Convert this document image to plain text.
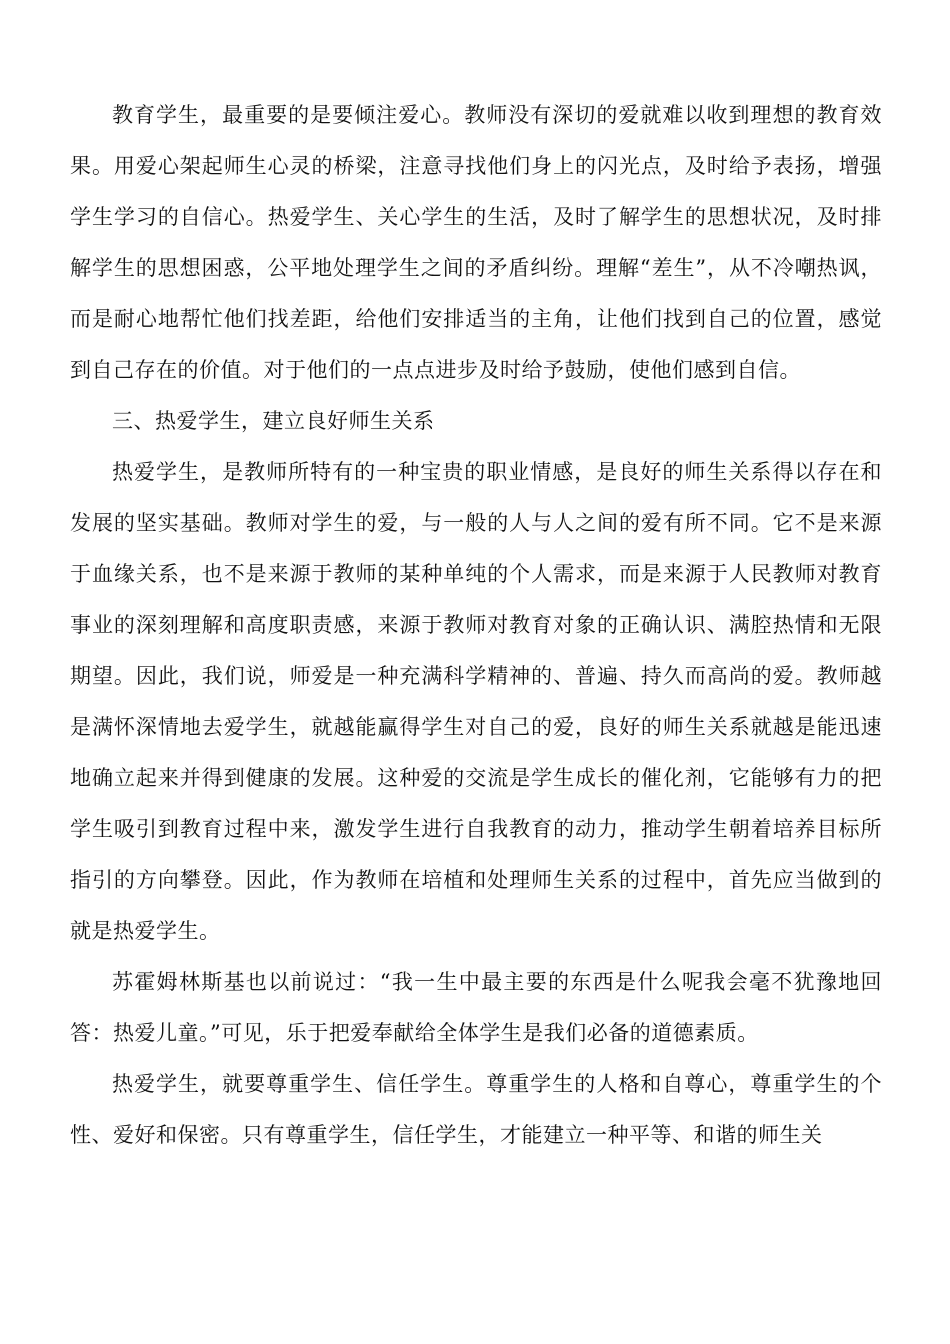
教育学生，最重要的是要倾注爱心。教师没有深切的爱就难以收到理想的教育效果。用爱心架起师生心灵的桥梁，注意寻找他们身上的闪光点，及时给予表扬，增强学生学习的自信心。热爱学生、关心学生的生活，及时了解学生的思想状况，及时排解学生的思想困惑，公平地处理学生之间的矛盾纠纷。理解“差生”，从不冷嘲热讽，而是耐心地帮忙他们找差距，给他们安排适当的主角，让他们找到自己的位置，感觉到自己存在的价值。对于他们的一点点进步及时给予鼓励，使他们感到自信。

三、热爱学生，建立良好师生关系

热爱学生，是教师所特有的一种宝贵的职业情感，是良好的师生关系得以存在和发展的坚实基础。教师对学生的爱，与一般的人与人之间的爱有所不同。它不是来源于血缘关系，也不是来源于教师的某种单纯的个人需求，而是来源于人民教师对教育事业的深刻理解和高度职责感，来源于教师对教育对象的正确认识、满腔热情和无限期望。因此，我们说，师爱是一种充满科学精神的、普遍、持久而高尚的爱。教师越是满怀深情地去爱学生，就越能赢得学生对自己的爱，良好的师生关系就越是能迅速地确立起来并得到健康的发展。这种爱的交流是学生成长的催化剂，它能够有力的把学生吸引到教育过程中来，激发学生进行自我教育的动力，推动学生朝着培养目标所指引的方向攀登。因此，作为教师在培植和处理师生关系的过程中，首先应当做到的就是热爱学生。

苏霍姆林斯基也以前说过：“我一生中最主要的东西是什么呢我会毫不犹豫地回答：热爱儿童。”可见，乐于把爱奉献给全体学生是我们必备的道德素质。

热爱学生，就要尊重学生、信任学生。尊重学生的人格和自尊心，尊重学生的个性、爱好和保密。只有尊重学生，信任学生，才能建立一种平等、和谐的师生关
